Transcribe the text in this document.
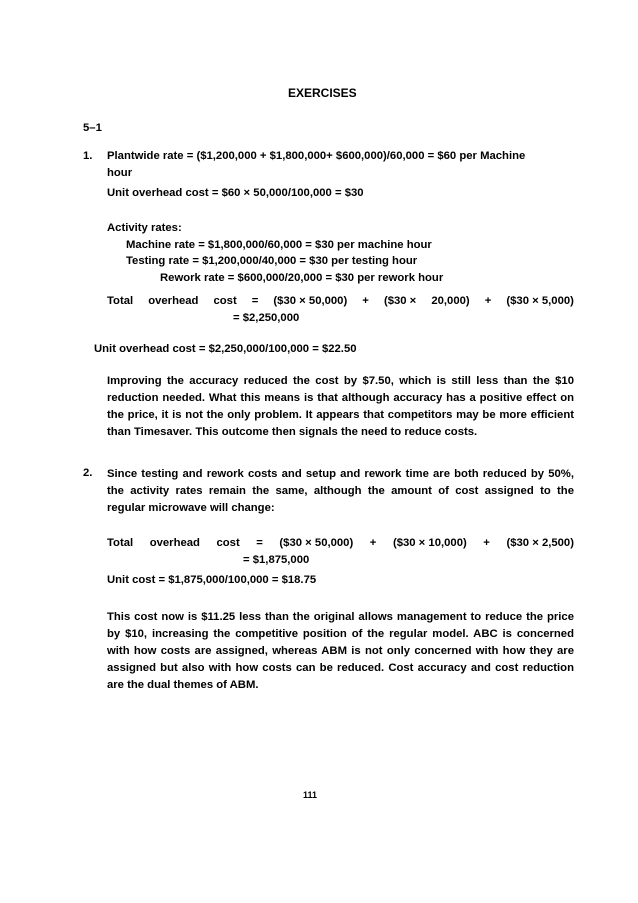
EXERCISES
5–1
1. Plantwide rate = ($1,200,000 + $1,800,000+ $600,000)/60,000 = $60 per Machine
hour
Unit overhead cost = $60 × 50,000/100,000 = $30
Activity rates:
Machine rate = $1,800,000/60,000 = $30 per machine hour
Testing rate = $1,200,000/40,000 = $30 per testing hour
Rework rate = $600,000/20,000 = $30 per rework hour
Total overhead cost = ($30 × 50,000) + ($30 × 20,000) + ($30 × 5,000)
= $2,250,000
Unit overhead cost = $2,250,000/100,000 = $22.50
Improving the accuracy reduced the cost by $7.50, which is still less than the $10 reduction needed. What this means is that although accuracy has a positive effect on the price, it is not the only problem. It appears that competitors may be more efficient than Timesaver. This outcome then signals the need to reduce costs.
2. Since testing and rework costs and setup and rework time are both reduced by 50%, the activity rates remain the same, although the amount of cost assigned to the regular microwave will change:
Total overhead cost = ($30 × 50,000) + ($30 × 10,000) + ($30 × 2,500)
= $1,875,000
Unit cost = $1,875,000/100,000 = $18.75
This cost now is $11.25 less than the original allows management to reduce the price by $10, increasing the competitive position of the regular model. ABC is concerned with how costs are assigned, whereas ABM is not only concerned with how they are assigned but also with how costs can be reduced. Cost accuracy and cost reduction are the dual themes of ABM.
111
